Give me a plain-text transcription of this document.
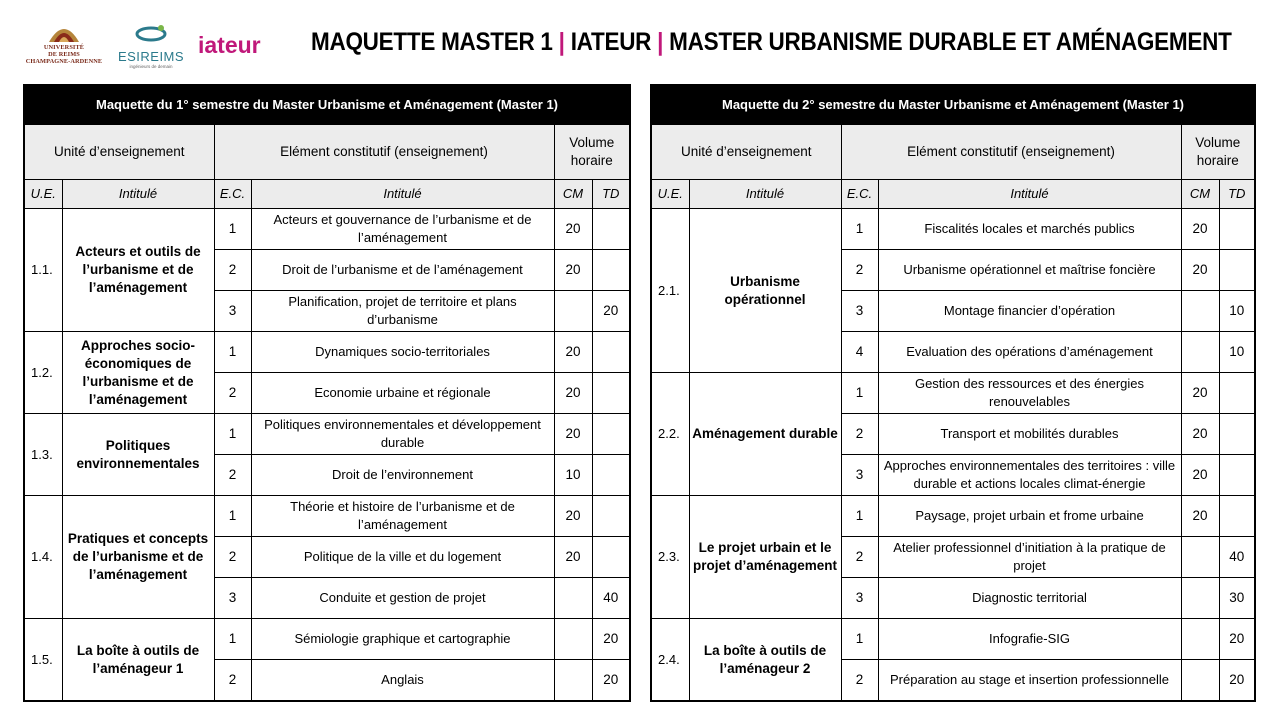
UNIVERSITÉ
DE REIMS
CHAMPAGNE-ARDENNE ESIREIMS
ingénieurs de demain
iateur MAQUETTE MASTER 1 | IATEUR | MASTER URBANISME DURABLE ET AMÉNAGEMENT
Maquette du 1° semestre du Master Urbanisme et Aménagement (Master 1)					
Unité d’enseignement		Elément constitutif (enseignement)		Volume horaire	
U.E.	Intitulé	E.C.	Intitulé	CM	TD
1.1.	Acteurs et outils de l’urbanisme et de l’aménagement	1	Acteurs et gouvernance de l’urbanisme et de l’aménagement	20	
		2	Droit de l’urbanisme et de l’aménagement	20	
		3	Planification, projet de territoire et plans d’urbanisme		20
1.2.	Approches socio-économiques de l’urbanisme et de l’aménagement	1	Dynamiques socio-territoriales	20	
		2	Economie urbaine et régionale	20	
1.3.	Politiques environnementales	1	Politiques environnementales et développement durable	20	
		2	Droit de l’environnement	10	
1.4.	Pratiques et concepts de l’urbanisme et de l’aménagement	1	Théorie et histoire de l’urbanisme et de l’aménagement	20	
		2	Politique de la ville et du logement	20	
		3	Conduite et gestion de projet		40
1.5.	La boîte à outils de l’aménageur 1	1	Sémiologie graphique et cartographie		20
		2	Anglais		20
Maquette du 2° semestre du Master Urbanisme et Aménagement (Master 1)					
Unité d’enseignement		Elément constitutif (enseignement)		Volume horaire	
U.E.	Intitulé	E.C.	Intitulé	CM	TD
2.1.	Urbanisme opérationnel	1	Fiscalités locales et marchés publics	20	
		2	Urbanisme opérationnel et maîtrise foncière	20	
		3	Montage financier d’opération		10
		4	Evaluation des opérations d’aménagement		10
2.2.	Aménagement durable	1	Gestion des ressources et des énergies renouvelables	20	
		2	Transport et mobilités durables	20	
		3	Approches environnementales des territoires : ville durable et actions locales climat-énergie	20	
2.3.	Le projet urbain et le projet d’aménagement	1	Paysage, projet urbain et frome urbaine	20	
		2	Atelier professionnel d’initiation à la pratique de projet		40
		3	Diagnostic territorial		30
2.4.	La boîte à outils de l’aménageur 2	1	Infografie-SIG		20
		2	Préparation au stage et insertion professionnelle		20
